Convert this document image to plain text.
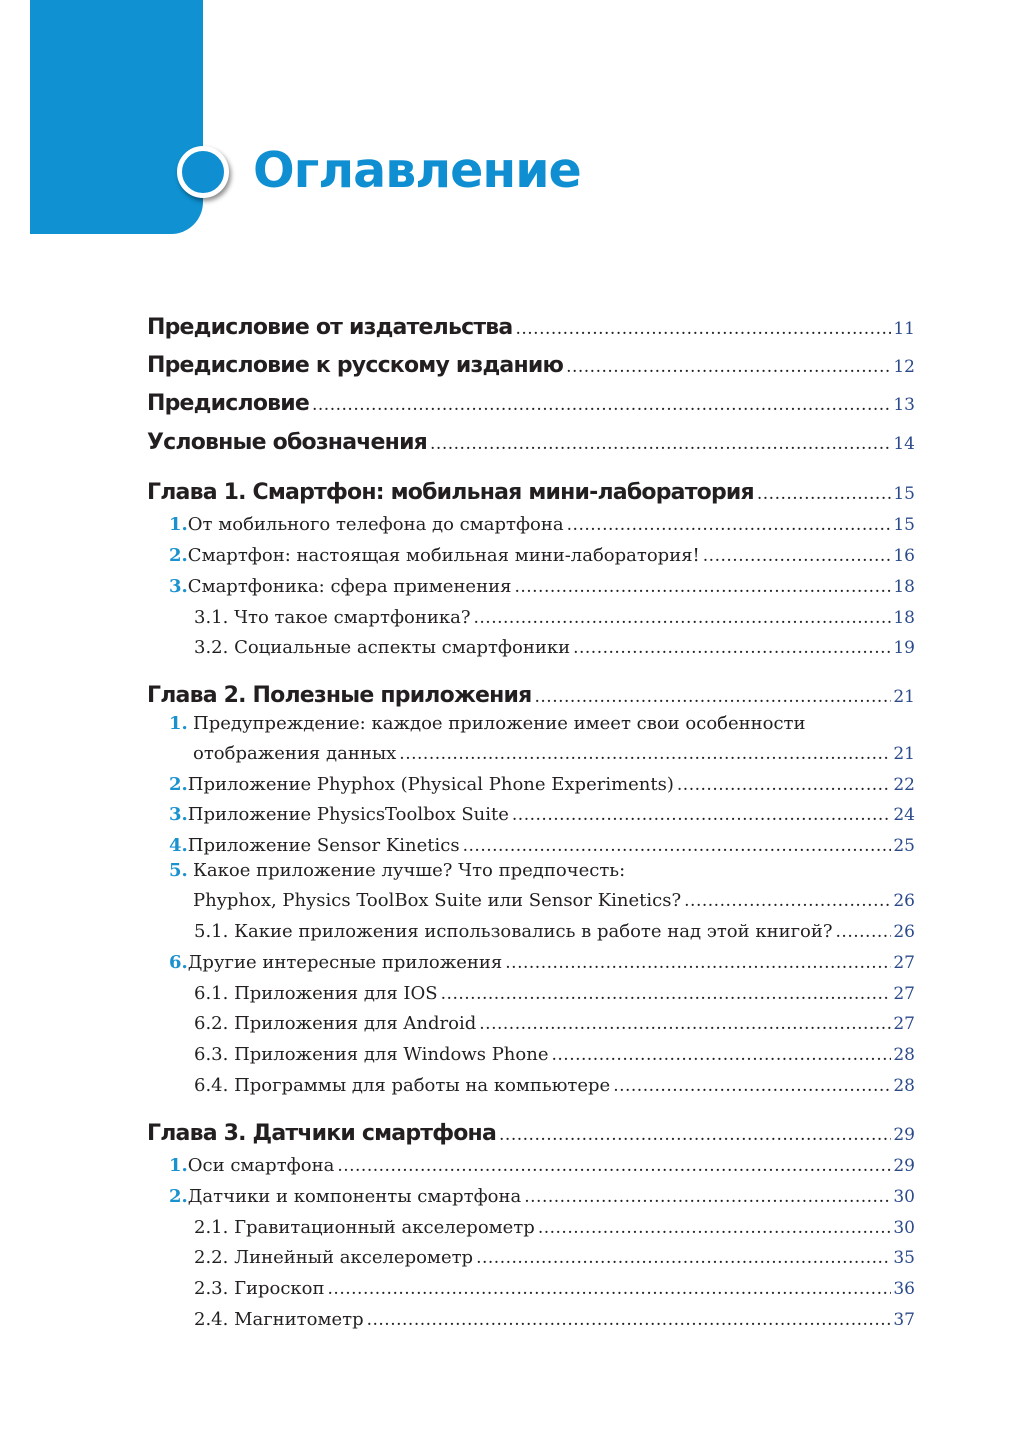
Оглавление
Предисловие от издательства .....	11
Предисловие к русскому изданию .....	12
Предисловие .....	13
Условные обозначения .....	14
Глава 1. Смартфон: мобильная мини-лаборатория .....	15
1. От мобильного телефона до смартфона .....	15
2. Смартфон: настоящая мобильная мини-лаборатория! .....	16
3. Смартфоника: сфера применения .....	18
3.1. Что такое смартфоника? .....	18
3.2. Социальные аспекты смартфоники .....	19
Глава 2. Полезные приложения .....	21
1. Предупреждение: каждое приложение имеет свои особенности
отображения данных .....	21
2. Приложение Phyphox (Physical Phone Experiments) .....	22
3. Приложение PhysicsToolbox Suite .....	24
4. Приложение Sensor Kinetics .....	25
5. Какое приложение лучше? Что предпочесть:
Phyphox, Physics ToolBox Suite или Sensor Kinetics? .....	26
5.1. Какие приложения использовались в работе над этой книгой? .....	26
6. Другие интересные приложения .....	27
6.1. Приложения для IOS .....	27
6.2. Приложения для Android .....	27
6.3. Приложения для Windows Phone .....	28
6.4. Программы для работы на компьютере .....	28
Глава 3. Датчики смартфона .....	29
1. Оси смартфона .....	29
2. Датчики и компоненты смартфона .....	30
2.1. Гравитационный акселерометр .....	30
2.2. Линейный акселерометр .....	35
2.3. Гироскоп .....	36
2.4. Магнитометр .....	37
